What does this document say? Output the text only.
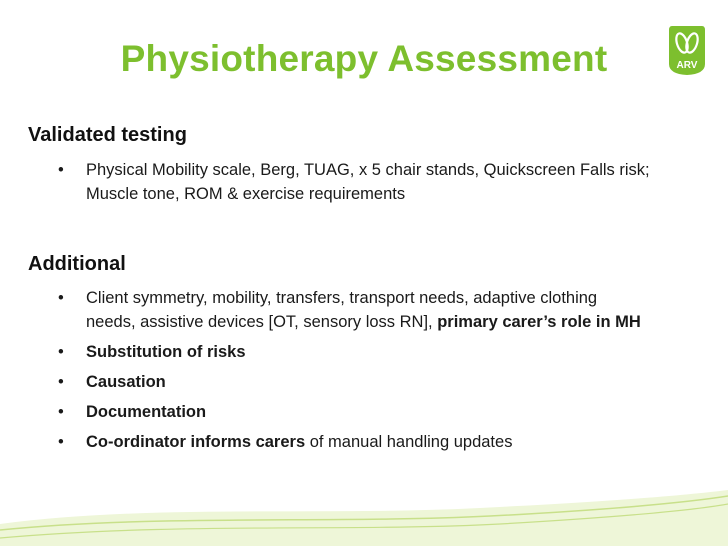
Physiotherapy Assessment	ARV
Validated testing
• Physical Mobility scale, Berg, TUAG, x 5 chair stands, Quickscreen Falls risk;
Muscle tone, ROM & exercise requirements
Additional
• Client symmetry, mobility, transfers, transport needs, adaptive clothing
needs, assistive devices [OT, sensory loss RN], primary carer’s role in MH
• Substitution of risks
• Causation
• Documentation
• Co-ordinator informs carers of manual handling updates
